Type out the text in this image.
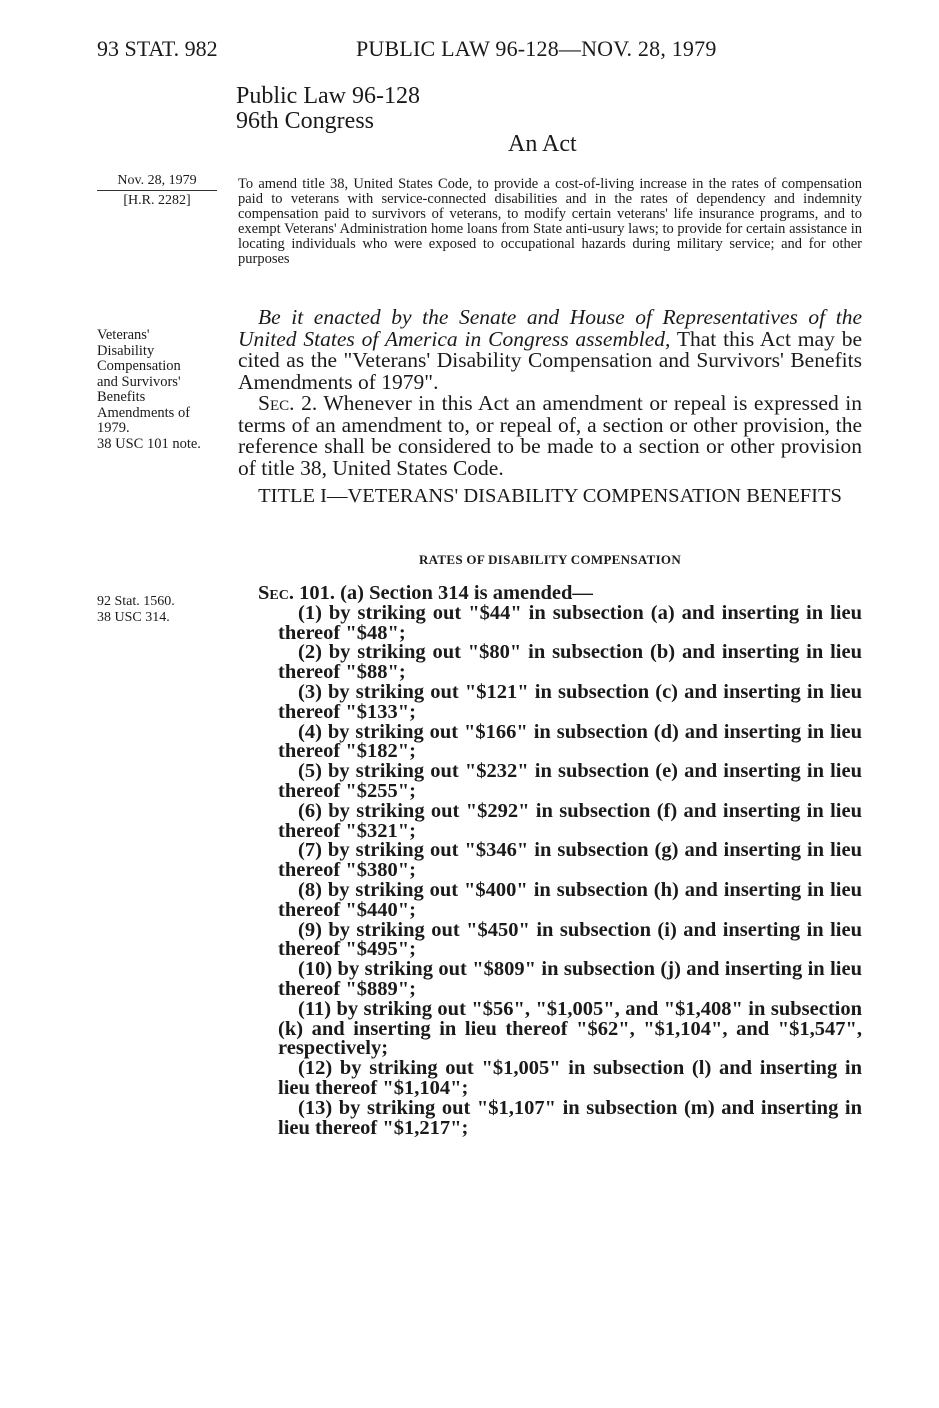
93 STAT. 982	PUBLIC LAW 96-128—NOV. 28, 1979
Public Law 96-128
96th Congress
An Act
Nov. 28, 1979
[H.R. 2282]
Veterans'
Disability
Compensation
and Survivors'
Benefits
Amendments of
1979.
38 USC 101 note.
92 Stat. 1560.
38 USC 314.
To amend title 38, United States Code, to provide a cost-of-living increase in the rates of compensation paid to veterans with service-connected disabilities and in the rates of dependency and indemnity compensation paid to survivors of veterans, to modify certain veterans' life insurance programs, and to exempt Veterans' Administration home loans from State anti-usury laws; to provide for certain assistance in locating individuals who were exposed to occupational hazards during military service; and for other purposes

Be it enacted by the Senate and House of Representatives of the United States of America in Congress assembled, That this Act may be cited as the "Veterans' Disability Compensation and Survivors' Benefits Amendments of 1979".

Sec. 2. Whenever in this Act an amendment or repeal is expressed in terms of an amendment to, or repeal of, a section or other provision, the reference shall be considered to be made to a section or other provision of title 38, United States Code.

TITLE I—VETERANS' DISABILITY COMPENSATION BENEFITS
RATES OF DISABILITY COMPENSATION

Sec. 101. (a) Section 314 is amended—

(1) by striking out "$44" in subsection (a) and inserting in lieu thereof "$48";

(2) by striking out "$80" in subsection (b) and inserting in lieu thereof "$88";

(3) by striking out "$121" in subsection (c) and inserting in lieu thereof "$133";

(4) by striking out "$166" in subsection (d) and inserting in lieu thereof "$182";

(5) by striking out "$232" in subsection (e) and inserting in lieu thereof "$255";

(6) by striking out "$292" in subsection (f) and inserting in lieu thereof "$321";

(7) by striking out "$346" in subsection (g) and inserting in lieu thereof "$380";

(8) by striking out "$400" in subsection (h) and inserting in lieu thereof "$440";

(9) by striking out "$450" in subsection (i) and inserting in lieu thereof "$495";

(10) by striking out "$809" in subsection (j) and inserting in lieu thereof "$889";

(11) by striking out "$56", "$1,005", and "$1,408" in subsection (k) and inserting in lieu thereof "$62", "$1,104", and "$1,547", respectively;

(12) by striking out "$1,005" in subsection (l) and inserting in lieu thereof "$1,104";

(13) by striking out "$1,107" in subsection (m) and inserting in lieu thereof "$1,217";
